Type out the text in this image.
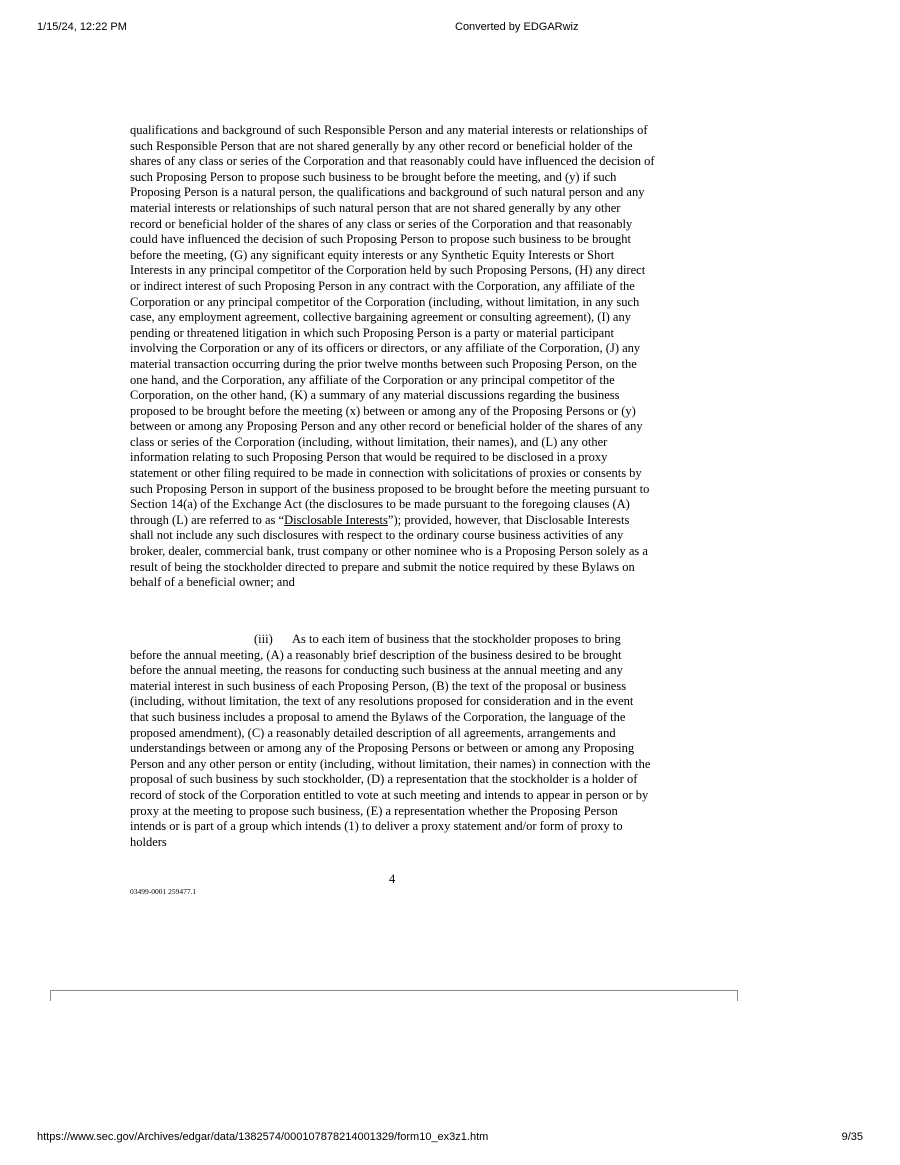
1/15/24, 12:22 PM	Converted by EDGARwiz
qualifications and background of such Responsible Person and any material interests or relationships of such Responsible Person that are not shared generally by any other record or beneficial holder of the shares of any class or series of the Corporation and that reasonably could have influenced the decision of such Proposing Person to propose such business to be brought before the meeting, and (y) if such Proposing Person is a natural person, the qualifications and background of such natural person and any material interests or relationships of such natural person that are not shared generally by any other record or beneficial holder of the shares of any class or series of the Corporation and that reasonably could have influenced the decision of such Proposing Person to propose such business to be brought before the meeting, (G) any significant equity interests or any Synthetic Equity Interests or Short Interests in any principal competitor of the Corporation held by such Proposing Persons, (H) any direct or indirect interest of such Proposing Person in any contract with the Corporation, any affiliate of the Corporation or any principal competitor of the Corporation (including, without limitation, in any such case, any employment agreement, collective bargaining agreement or consulting agreement), (I) any pending or threatened litigation in which such Proposing Person is a party or material participant involving the Corporation or any of its officers or directors, or any affiliate of the Corporation, (J) any material transaction occurring during the prior twelve months between such Proposing Person, on the one hand, and the Corporation, any affiliate of the Corporation or any principal competitor of the Corporation, on the other hand, (K) a summary of any material discussions regarding the business proposed to be brought before the meeting (x) between or among any of the Proposing Persons or (y) between or among any Proposing Person and any other record or beneficial holder of the shares of any class or series of the Corporation (including, without limitation, their names), and (L) any other information relating to such Proposing Person that would be required to be disclosed in a proxy statement or other filing required to be made in connection with solicitations of proxies or consents by such Proposing Person in support of the business proposed to be brought before the meeting pursuant to Section 14(a) of the Exchange Act (the disclosures to be made pursuant to the foregoing clauses (A) through (L) are referred to as “Disclosable Interests”); provided, however, that Disclosable Interests shall not include any such disclosures with respect to the ordinary course business activities of any broker, dealer, commercial bank, trust company or other nominee who is a Proposing Person solely as a result of being the stockholder directed to prepare and submit the notice required by these Bylaws on behalf of a beneficial owner; and
(iii) As to each item of business that the stockholder proposes to bring before the annual meeting, (A) a reasonably brief description of the business desired to be brought before the annual meeting, the reasons for conducting such business at the annual meeting and any material interest in such business of each Proposing Person, (B) the text of the proposal or business (including, without limitation, the text of any resolutions proposed for consideration and in the event that such business includes a proposal to amend the Bylaws of the Corporation, the language of the proposed amendment), (C) a reasonably detailed description of all agreements, arrangements and understandings between or among any of the Proposing Persons or between or among any Proposing Person and any other person or entity (including, without limitation, their names) in connection with the proposal of such business by such stockholder, (D) a representation that the stockholder is a holder of record of stock of the Corporation entitled to vote at such meeting and intends to appear in person or by proxy at the meeting to propose such business, (E) a representation whether the Proposing Person intends or is part of a group which intends (1) to deliver a proxy statement and/or form of proxy to holders
4
03499-0001 259477.1
https://www.sec.gov/Archives/edgar/data/1382574/000107878214001329/form10_ex3z1.htm	9/35
